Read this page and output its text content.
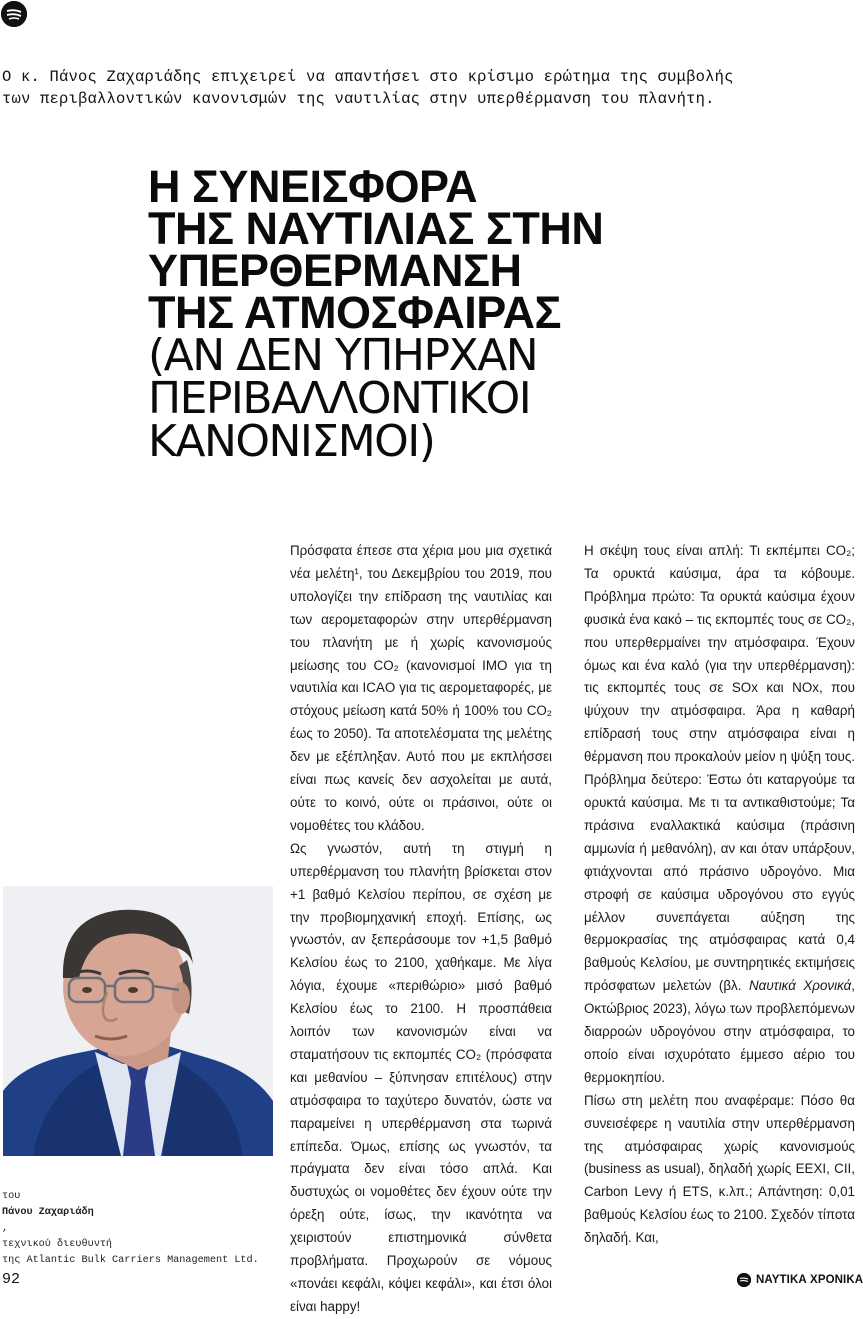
Ο κ. Πάνος Ζαχαριάδης επιχειρεί να απαντήσει στο κρίσιμο ερώτημα της συμβολής
των περιβαλλοντικών κανονισμών της ναυτιλίας στην υπερθέρμανση του πλανήτη.
Η ΣΥΝΕΙΣΦΟΡΑ
ΤΗΣ ΝΑΥΤΙΛΙΑΣ ΣΤΗΝ
ΥΠΕΡΘΕΡΜΑΝΣΗ
ΤΗΣ ΑΤΜΟΣΦΑΙΡΑΣ
(ΑΝ ΔΕΝ ΥΠΗΡΧΑΝ
ΠΕΡΙΒΑΛΛΟΝΤΙΚΟΙ
ΚΑΝΟΝΙΣΜΟΙ)

Πρόσφατα έπεσε στα χέρια μου μια σχετικά νέα μελέτη¹, του Δεκεμβρίου του 2019, που υπολογίζει την επίδραση της ναυτιλίας και των αερομεταφορών στην υπερθέρμανση του πλανήτη με ή χωρίς κανονισμούς μείωσης του CO₂ (κανονισμοί IMO για τη ναυτιλία και ICAO για τις αερομεταφορές, με στόχους μείωση κατά 50% ή 100% του CO₂ έως το 2050). Τα αποτελέσματα της μελέτης δεν με εξέπληξαν. Αυτό που με εκπλήσσει είναι πως κανείς δεν ασχολείται με αυτά, ούτε το κοινό, ούτε οι πράσινοι, ούτε οι νομοθέτες του κλάδου.

Ως γνωστόν, αυτή τη στιγμή η υπερθέρμανση του πλανήτη βρίσκεται στον +1 βαθμό Κελσίου περίπου, σε σχέση με την προβιομηχανική εποχή. Επίσης, ως γνωστόν, αν ξεπεράσουμε τον +1,5 βαθμό Κελσίου έως το 2100, χαθήκαμε. Με λίγα λόγια, έχουμε «περιθώριο» μισό βαθμό Κελσίου έως το 2100. Η προσπάθεια λοιπόν των κανονισμών είναι να σταματήσουν τις εκπομπές CO₂ (πρόσφατα και μεθανίου – ξύπνησαν επιτέλους) στην ατμόσφαιρα το ταχύτερο δυνατόν, ώστε να παραμείνει η υπερθέρμανση στα τωρινά επίπεδα. Όμως, επίσης ως γνωστόν, τα πράγματα δεν είναι τόσο απλά. Και δυστυχώς οι νομοθέτες δεν έχουν ούτε την όρεξη ούτε, ίσως, την ικανότητα να χειριστούν επιστημονικά σύνθετα προβλήματα. Προχωρούν σε νόμους «πονάει κεφάλι, κόψει κεφάλι», και έτσι όλοι είναι happy!

Η σκέψη τους είναι απλή: Τι εκπέμπει CO₂; Τα ορυκτά καύσιμα, άρα τα κόβουμε. Πρόβλημα πρώτο: Τα ορυκτά καύσιμα έχουν φυσικά ένα κακό – τις εκπομπές τους σε CO₂, που υπερθερμαίνει την ατμόσφαιρα. Έχουν όμως και ένα καλό (για την υπερθέρμανση): τις εκπομπές τους σε SOx και NOx, που ψύχουν την ατμόσφαιρα. Άρα η καθαρή επίδρασή τους στην ατμόσφαιρα είναι η θέρμανση που προκαλούν μείον η ψύξη τους. Πρόβλημα δεύτερο: Έστω ότι καταργούμε τα ορυκτά καύσιμα. Με τι τα αντικαθιστούμε; Τα πράσινα εναλλακτικά καύσιμα (πράσινη αμμωνία ή μεθανόλη), αν και όταν υπάρξουν, φτιάχνονται από πράσινο υδρογόνο. Μια στροφή σε καύσιμα υδρογόνου στο εγγύς μέλλον συνεπάγεται αύξηση της θερμοκρασίας της ατμόσφαιρας κατά 0,4 βαθμούς Κελσίου, με συντηρητικές εκτιμήσεις πρόσφατων μελετών (βλ. Ναυτικά Χρονικά, Οκτώβριος 2023), λόγω των προβλεπόμενων διαρροών υδρογόνου στην ατμόσφαιρα, το οποίο είναι ισχυρότατο έμμεσο αέριο του θερμοκηπίου.

Πίσω στη μελέτη που αναφέραμε: Πόσο θα συνεισέφερε η ναυτιλία στην υπερθέρμανση της ατμόσφαιρας χωρίς κανονισμούς (business as usual), δηλαδή χωρίς EEXI, CII, Carbon Levy ή ETS, κ.λπ.; Απάντηση: 0,01 βαθμούς Κελσίου έως το 2100. Σχεδόν τίποτα δηλαδή. Και,

του
Πάνου Ζαχαριάδη
,
τεχνικού διευθυντή
της Atlantic Bulk Carriers Management Ltd.
92	ΝΑΥΤΙΚΑ ΧΡΟΝΙΚΑ
